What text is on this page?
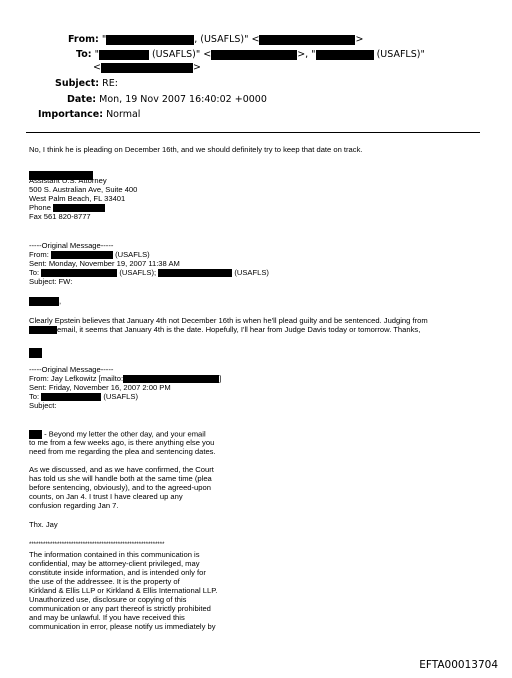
From: "	, (USAFLS)" <	>
To: "	(USAFLS)" <	>, "	(USAFLS)"
<	>
Subject: RE:
Date: Mon, 19 Nov 2007 16:40:02 +0000
Importance: Normal
No, I think he is pleading on December 16th, and we should definitely try to keep that date on track.
Assistant U.S. Attorney
500 S. Australian Ave, Suite 400
West Palm Beach, FL 33401
Phone
Fax 561 820-8777
-----Original Message-----
From:	(USAFLS)
Sent: Monday, November 19, 2007 11:38 AM
To:	(USAFLS);	(USAFLS)
Subject: FW:
,
Clearly Epstein believes that January 4th not December 16th is when he'll plead guilty and be sentenced. Judging from
email, it seems that January 4th is the date. Hopefully, I'll hear from Judge Davis today or tomorrow. Thanks,
-----Original Message-----
From: Jay Lefkowitz [mailto:	]
Sent: Friday, November 16, 2007 2:00 PM
To:	(USAFLS)
Subject:
- Beyond my letter the other day, and your email
to me from a few weeks ago, is there anything else you
need from me regarding the plea and sentencing dates.
As we discussed, and as we have confirmed, the Court
has told us she will handle both at the same time (plea
before sentencing, obviously), and to the agreed-upon
counts, on Jan 4. I trust I have cleared up any
confusion regarding Jan 7.
Thx. Jay
**********************************************************
The information contained in this communication is
confidential, may be attorney-client privileged, may
constitute inside information, and is intended only for
the use of the addressee. It is the property of
Kirkland & Ellis LLP or Kirkland & Ellis International LLP.
Unauthorized use, disclosure or copying of this
communication or any part thereof is strictly prohibited
and may be unlawful. If you have received this
communication in error, please notify us immediately by
EFTA00013704
